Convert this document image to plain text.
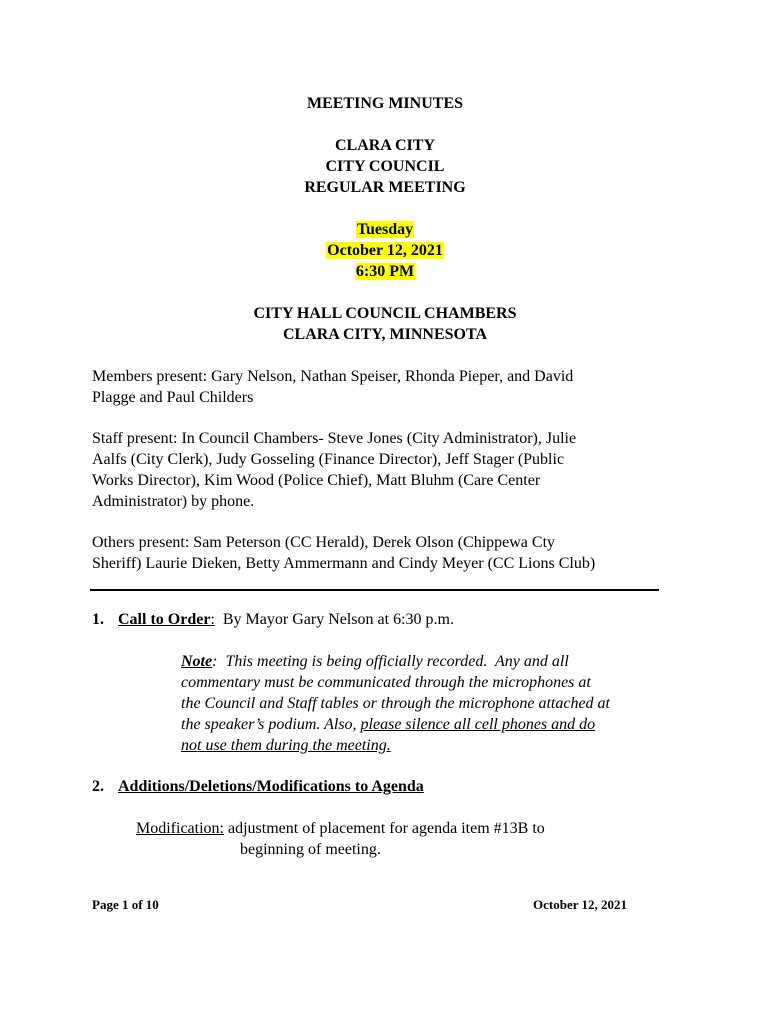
MEETING MINUTES
CLARA CITY
CITY COUNCIL
REGULAR MEETING
Tuesday
October 12, 2021
6:30 PM
CITY HALL COUNCIL CHAMBERS
CLARA CITY, MINNESOTA
Members present: Gary Nelson, Nathan Speiser, Rhonda Pieper, and David
Plagge and Paul Childers
Staff present: In Council Chambers- Steve Jones (City Administrator), Julie
Aalfs (City Clerk), Judy Gosseling (Finance Director), Jeff Stager (Public
Works Director), Kim Wood (Police Chief), Matt Bluhm (Care Center
Administrator) by phone.
Others present: Sam Peterson (CC Herald), Derek Olson (Chippewa Cty
Sheriff) Laurie Dieken, Betty Ammermann and Cindy Meyer (CC Lions Club)
1. Call to Order:  By Mayor Gary Nelson at 6:30 p.m.
Note:  This meeting is being officially recorded.  Any and all
commentary must be communicated through the microphones at
the Council and Staff tables or through the microphone attached at
the speaker’s podium. Also, please silence all cell phones and do
not use them during the meeting.
2. Additions/Deletions/Modifications to Agenda
Modification: adjustment of placement for agenda item #13B to
beginning of meeting.
Page 1 of 10	October 12, 2021
